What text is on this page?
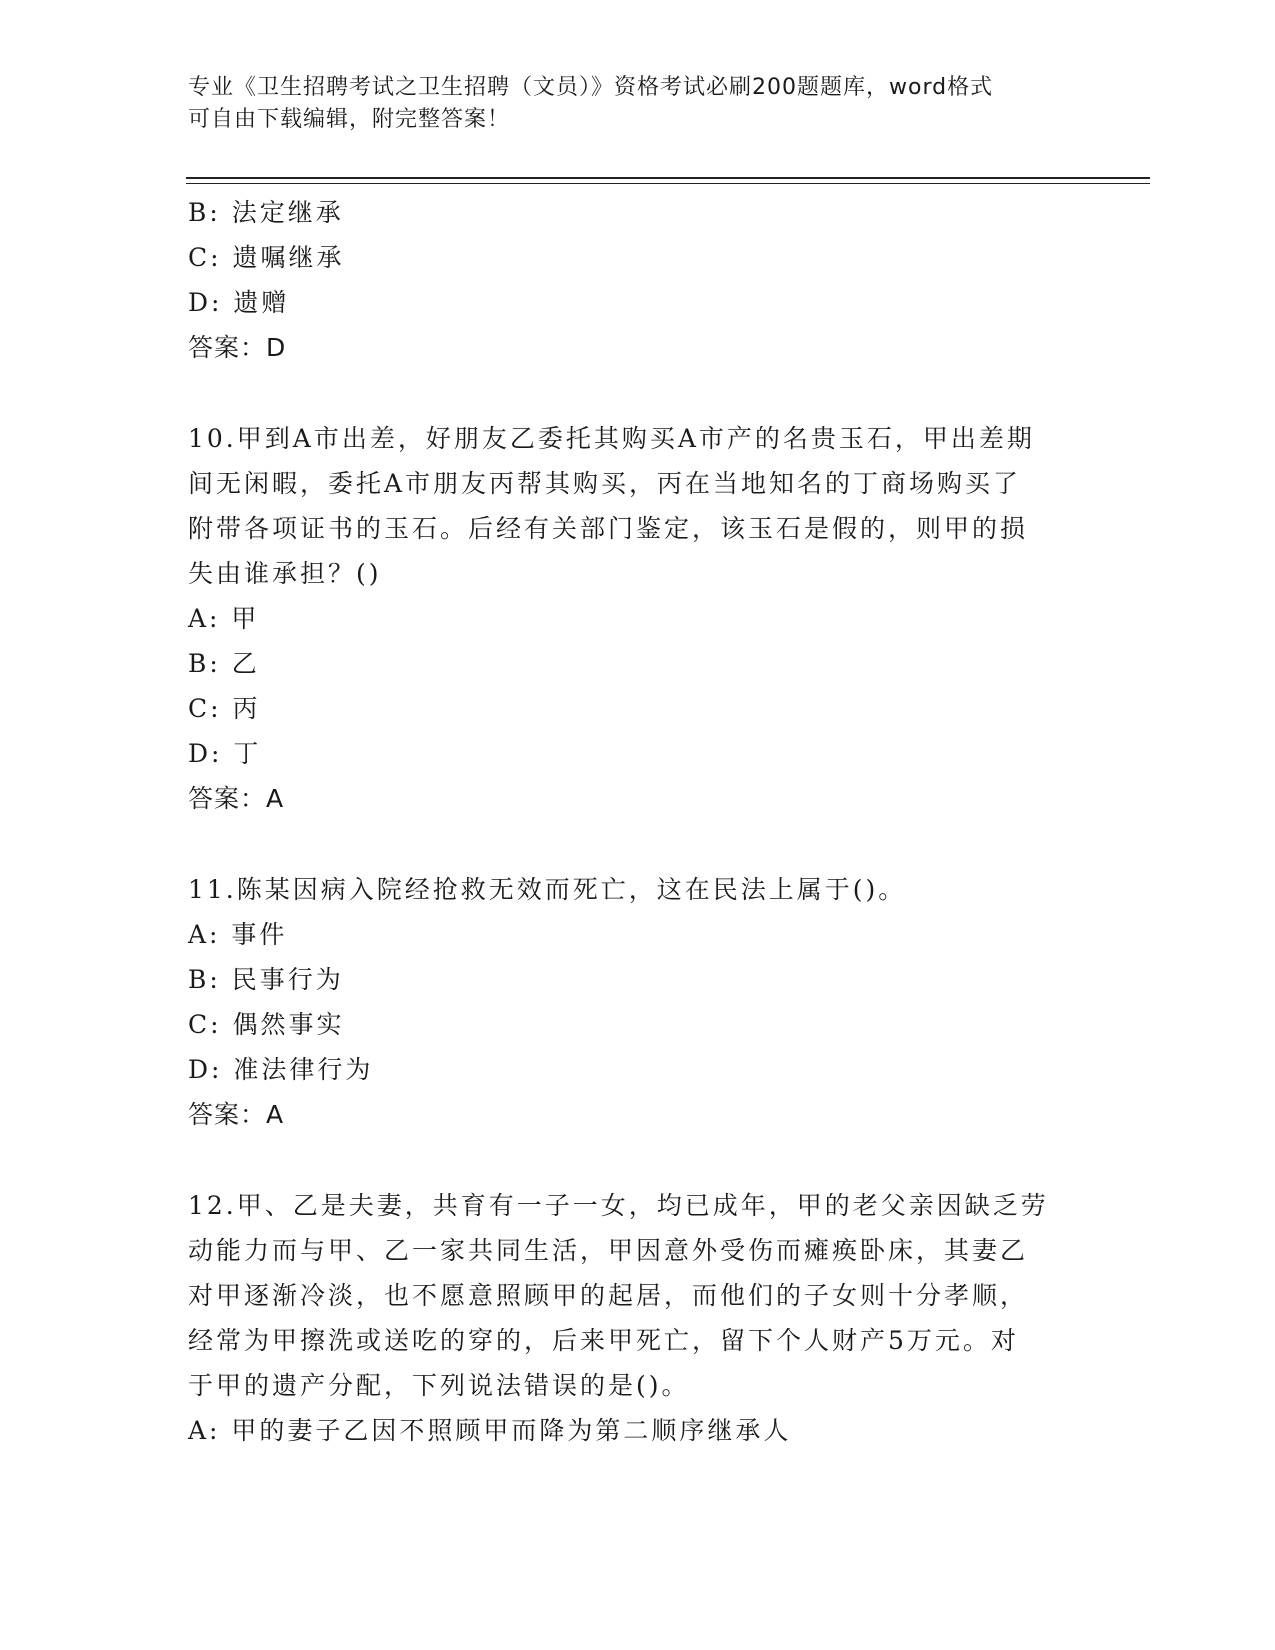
专业《卫生招聘考试之卫生招聘（文员）》资格考试必刷200题题库，word格式
可自由下载编辑，附完整答案！
B: 法定继承
C: 遗嘱继承
D: 遗赠
答案：D
10.甲到A市出差，好朋友乙委托其购买A市产的名贵玉石，甲出差期
间无闲暇，委托A市朋友丙帮其购买，丙在当地知名的丁商场购买了
附带各项证书的玉石。后经有关部门鉴定，该玉石是假的，则甲的损
失由谁承担？()
A: 甲
B: 乙
C: 丙
D: 丁
答案：A
11.陈某因病入院经抢救无效而死亡，这在民法上属于()。
A: 事件
B: 民事行为
C: 偶然事实
D: 准法律行为
答案：A
12.甲、乙是夫妻，共育有一子一女，均已成年，甲的老父亲因缺乏劳
动能力而与甲、乙一家共同生活，甲因意外受伤而瘫痪卧床，其妻乙
对甲逐渐冷淡，也不愿意照顾甲的起居，而他们的子女则十分孝顺，
经常为甲擦洗或送吃的穿的，后来甲死亡，留下个人财产5万元。对
于甲的遗产分配，下列说法错误的是()。
A: 甲的妻子乙因不照顾甲而降为第二顺序继承人
